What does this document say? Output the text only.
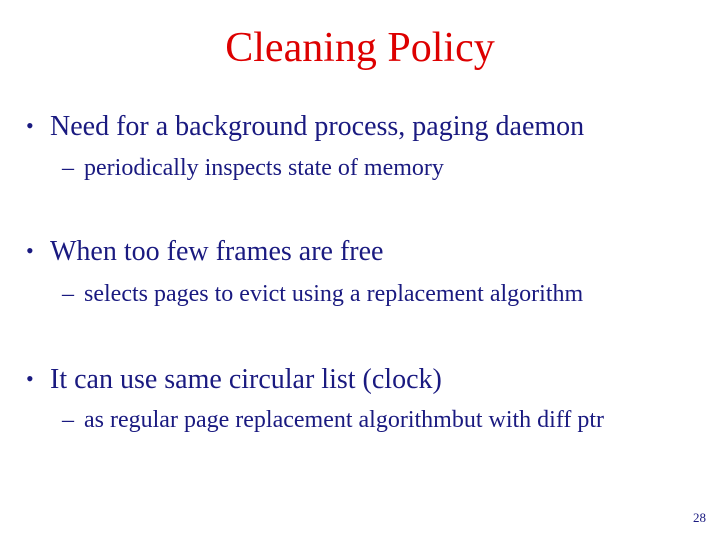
Cleaning Policy
• Need for a background process, paging daemon
– periodically inspects state of memory
• When too few frames are free
– selects pages to evict using a replacement algorithm
• It can use same circular list (clock)
– as regular page replacement algorithmbut with diff ptr
28
